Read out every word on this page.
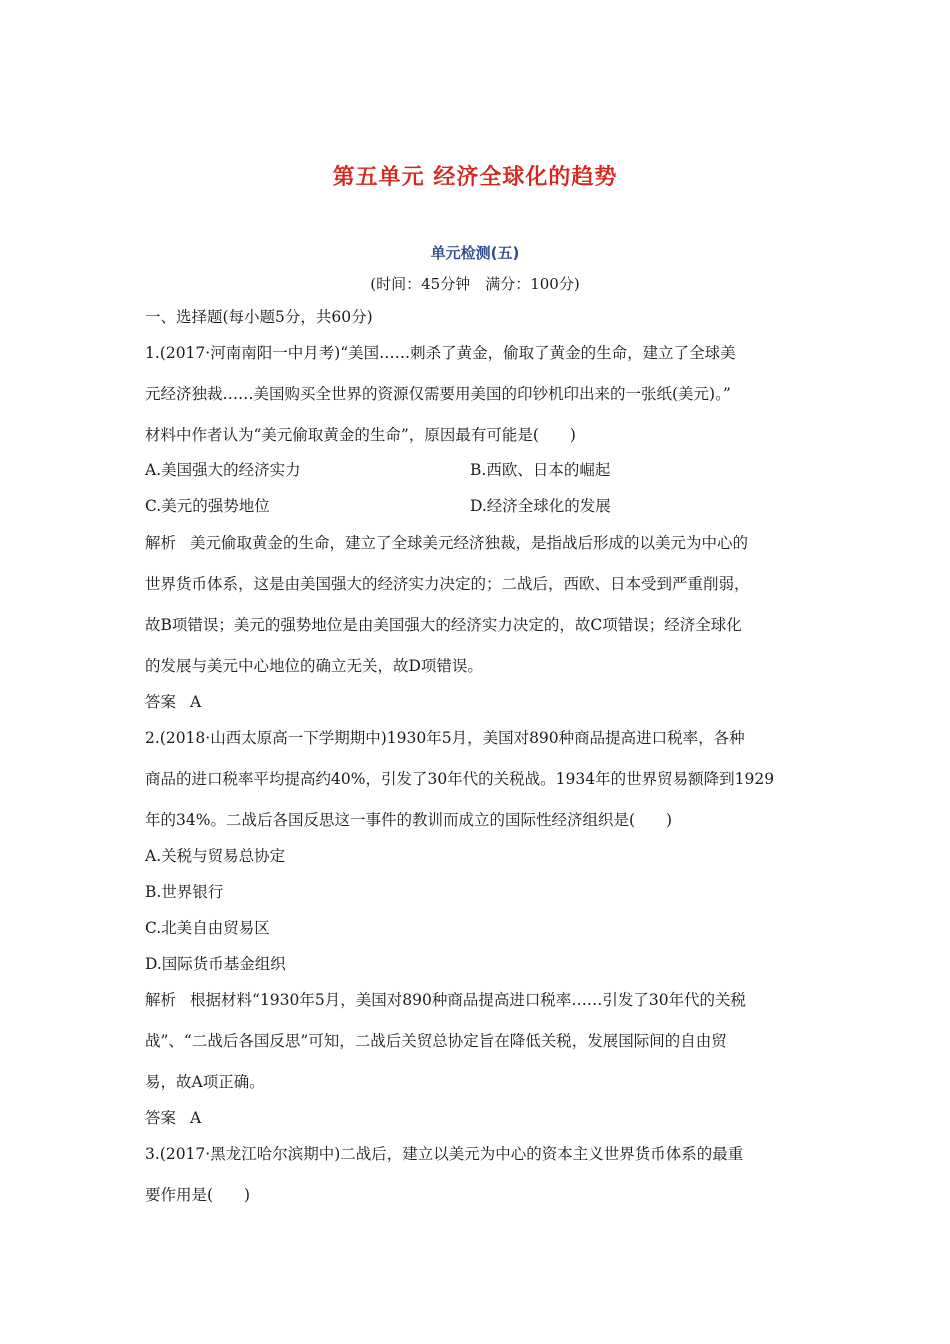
第五单元 经济全球化的趋势
单元检测(五)
(时间：45分钟　满分：100分)
一、选择题(每小题5分，共60分)
1.(2017·河南南阳一中月考)“美国……刺杀了黄金，偷取了黄金的生命，建立了全球美
元经济独裁……美国购买全世界的资源仅需要用美国的印钞机印出来的一张纸(美元)。”
材料中作者认为“美元偷取黄金的生命”，原因最有可能是(　　)
A.美国强大的经济实力	B.西欧、日本的崛起
C.美元的强势地位	D.经济全球化的发展
解析 美元偷取黄金的生命，建立了全球美元经济独裁，是指战后形成的以美元为中心的
世界货币体系，这是由美国强大的经济实力决定的；二战后，西欧、日本受到严重削弱，
故B项错误；美元的强势地位是由美国强大的经济实力决定的，故C项错误；经济全球化
的发展与美元中心地位的确立无关，故D项错误。
答案 A
2.(2018·山西太原高一下学期期中)1930年5月，美国对890种商品提高进口税率，各种
商品的进口税率平均提高约40%，引发了30年代的关税战。1934年的世界贸易额降到1929
年的34%。二战后各国反思这一事件的教训而成立的国际性经济组织是(　　)
A.关税与贸易总协定
B.世界银行
C.北美自由贸易区
D.国际货币基金组织
解析 根据材料“1930年5月，美国对890种商品提高进口税率……引发了30年代的关税
战”、“二战后各国反思”可知，二战后关贸总协定旨在降低关税，发展国际间的自由贸
易，故A项正确。
答案 A
3.(2017·黑龙江哈尔滨期中)二战后，建立以美元为中心的资本主义世界货币体系的最重
要作用是(　　)
